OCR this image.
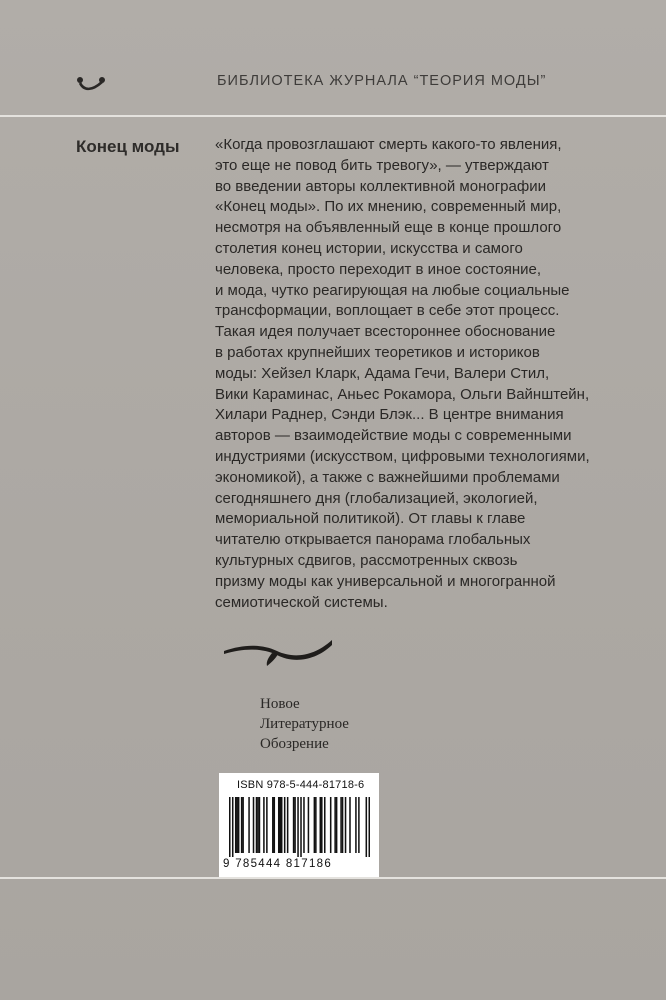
БИБЛИОТЕКА ЖУРНАЛА “ТЕОРИЯ МОДЫ”
Конец моды «Когда провозглашают смерть какого-то явления,
это еще не повод бить тревогу», — утверждают
во введении авторы коллективной монографии
«Конец моды». По их мнению, современный мир,
несмотря на объявленный еще в конце прошлого
столетия конец истории, искусства и самого
человека, просто переходит в иное состояние,
и мода, чутко реагирующая на любые социальные
трансформации, воплощает в себе этот процесс.
Такая идея получает всестороннее обоснование
в работах крупнейших теоретиков и историков
моды: Хейзел Кларк, Адама Гечи, Валери Стил,
Вики Караминас, Аньес Рокамора, Ольги Вайнштейн,
Хилари Раднер, Сэнди Блэк... В центре внимания
авторов — взаимодействие моды с современными
индустриями (искусством, цифровыми технологиями,
экономикой), а также с важнейшими проблемами
сегодняшнего дня (глобализацией, экологией,
мемориальной политикой). От главы к главе
читателю открывается панорама глобальных
культурных сдвигов, рассмотренных сквозь
призму моды как универсальной и многогранной
семиотической системы.
Новое
Литературное
Обозрение
ISBN 978-5-444-81718-6
9 785444 817186
